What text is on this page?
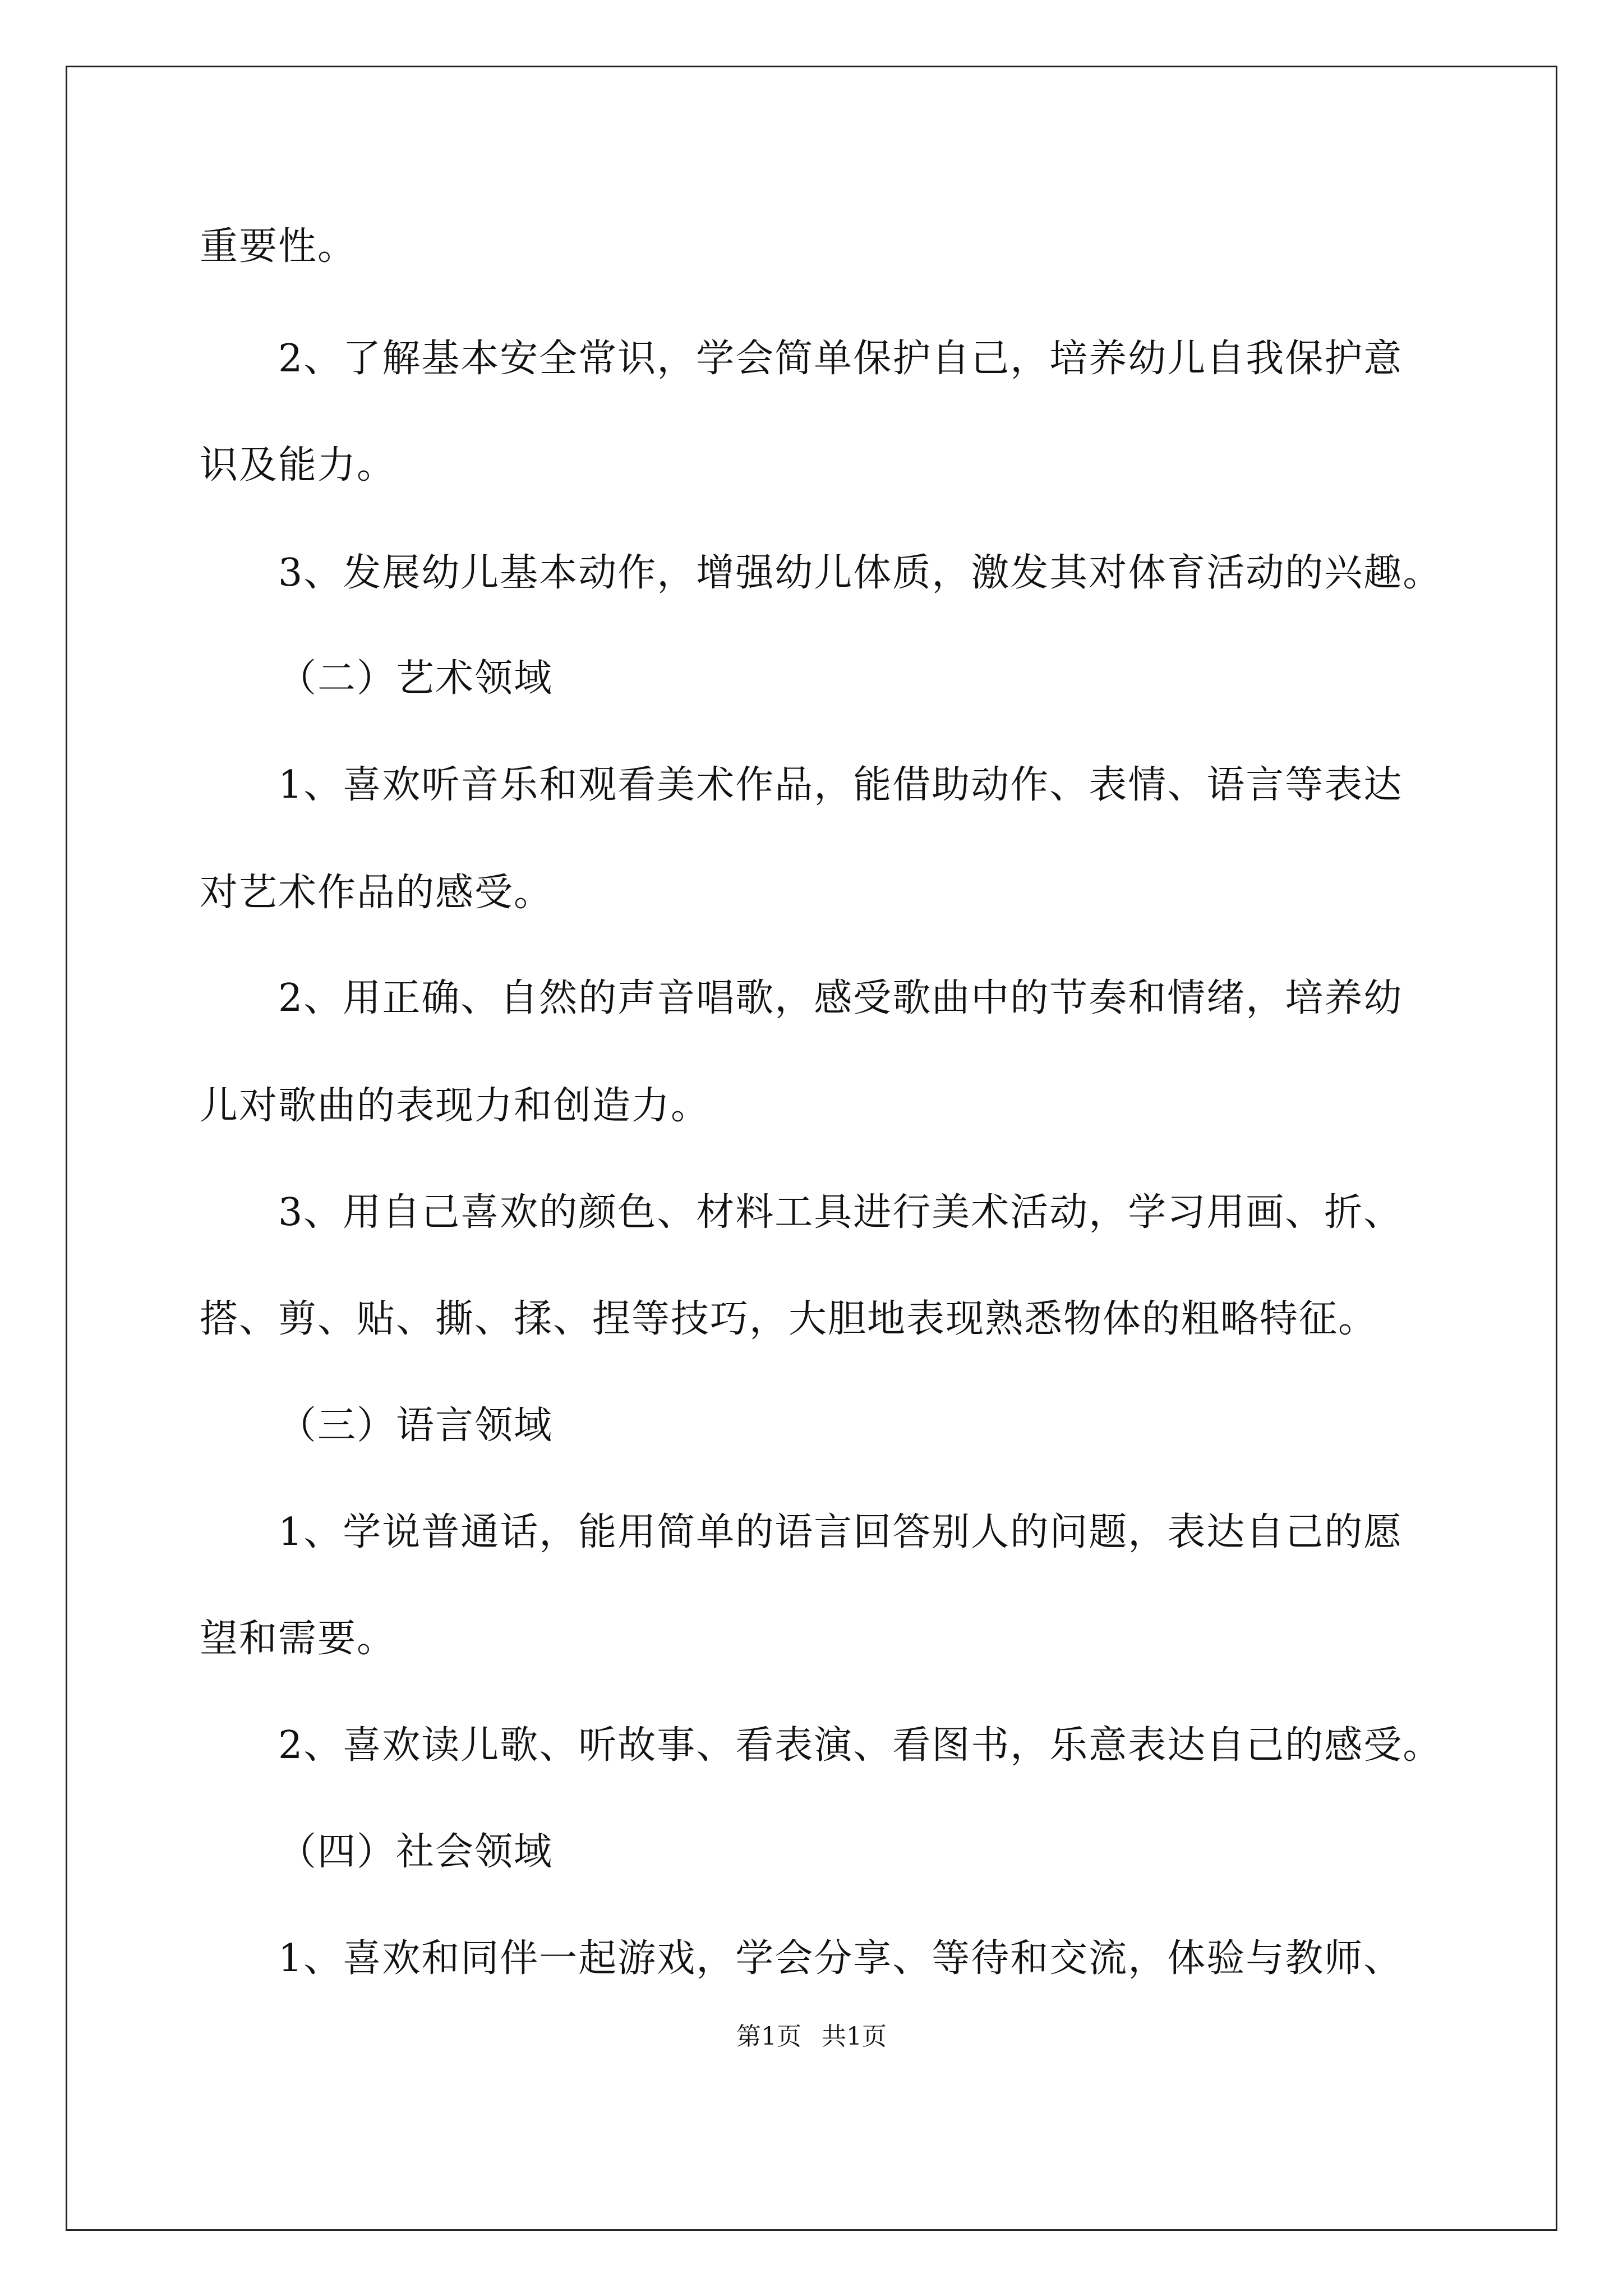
重要性。
2、了解基本安全常识，学会简单保护自己，培养幼儿自我保护意
识及能力。
3、发展幼儿基本动作，增强幼儿体质，激发其对体育活动的兴趣。
（二）艺术领域
1、喜欢听音乐和观看美术作品，能借助动作、表情、语言等表达
对艺术作品的感受。
2、用正确、自然的声音唱歌，感受歌曲中的节奏和情绪，培养幼
儿对歌曲的表现力和创造力。
3、用自己喜欢的颜色、材料工具进行美术活动，学习用画、折、
搭、剪、贴、撕、揉、捏等技巧，大胆地表现熟悉物体的粗略特征。
（三）语言领域
1、学说普通话，能用简单的语言回答别人的问题，表达自己的愿
望和需要。
2、喜欢读儿歌、听故事、看表演、看图书，乐意表达自己的感受。
（四）社会领域
1、喜欢和同伴一起游戏，学会分享、等待和交流，体验与教师、
第1页 共1页
